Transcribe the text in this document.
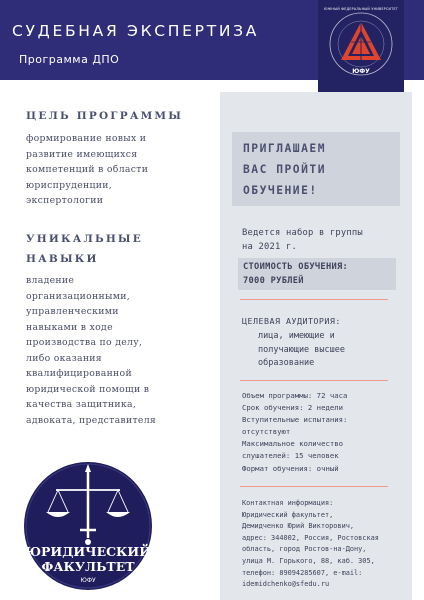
СУДЕБНАЯ ЭКСПЕРТИЗА
Программа ДПО
ЮФУ
ЮЖНЫЙ ФЕДЕРАЛЬНЫЙ УНИВЕРСИТЕТ
ЦЕЛЬ ПРОГРАММЫ
формирование новых и
развитие имеющихся
компетенций в области
юриспруденции,
экспертологии
УНИКАЛЬНЫЕ
НАВЫКИ
владение
организационными,
управленческими
навыками в ходе
производства по делу,
либо оказания
квалифицированной
юридической помощи в
качества защитника,
адвоката, представителя
ПРИГЛАШАЕМ
ВАС ПРОЙТИ
ОБУЧЕНИЕ!
Ведется набор в группы
на 2021 г.
СТОИМОСТЬ ОБУЧЕНИЯ:
7000 РУБЛЕЙ
ЦЕЛЕВАЯ АУДИТОРИЯ:
лица, имеющие и
получающие высшее
образование
Объем программы: 72 часа
Срок обучения: 2 недели
Вступительные испытания:
отсутствуют
Максимальное количество
слушателей: 15 человек
Формат обучения: очный
Контактная информация:
Юридический факультет,
Демидченко Юрий Викторович,
адрес: 344002, Россия, Ростовская
область, город Ростов-на-Дону,
улица М. Горького, 88, каб. 305,
телефон: 89094285607, e-mail:
idemidchenko@sfedu.ru
ЮРИДИЧЕСКИЙ
ФАКУЛЬТЕТ
ЮФУ
